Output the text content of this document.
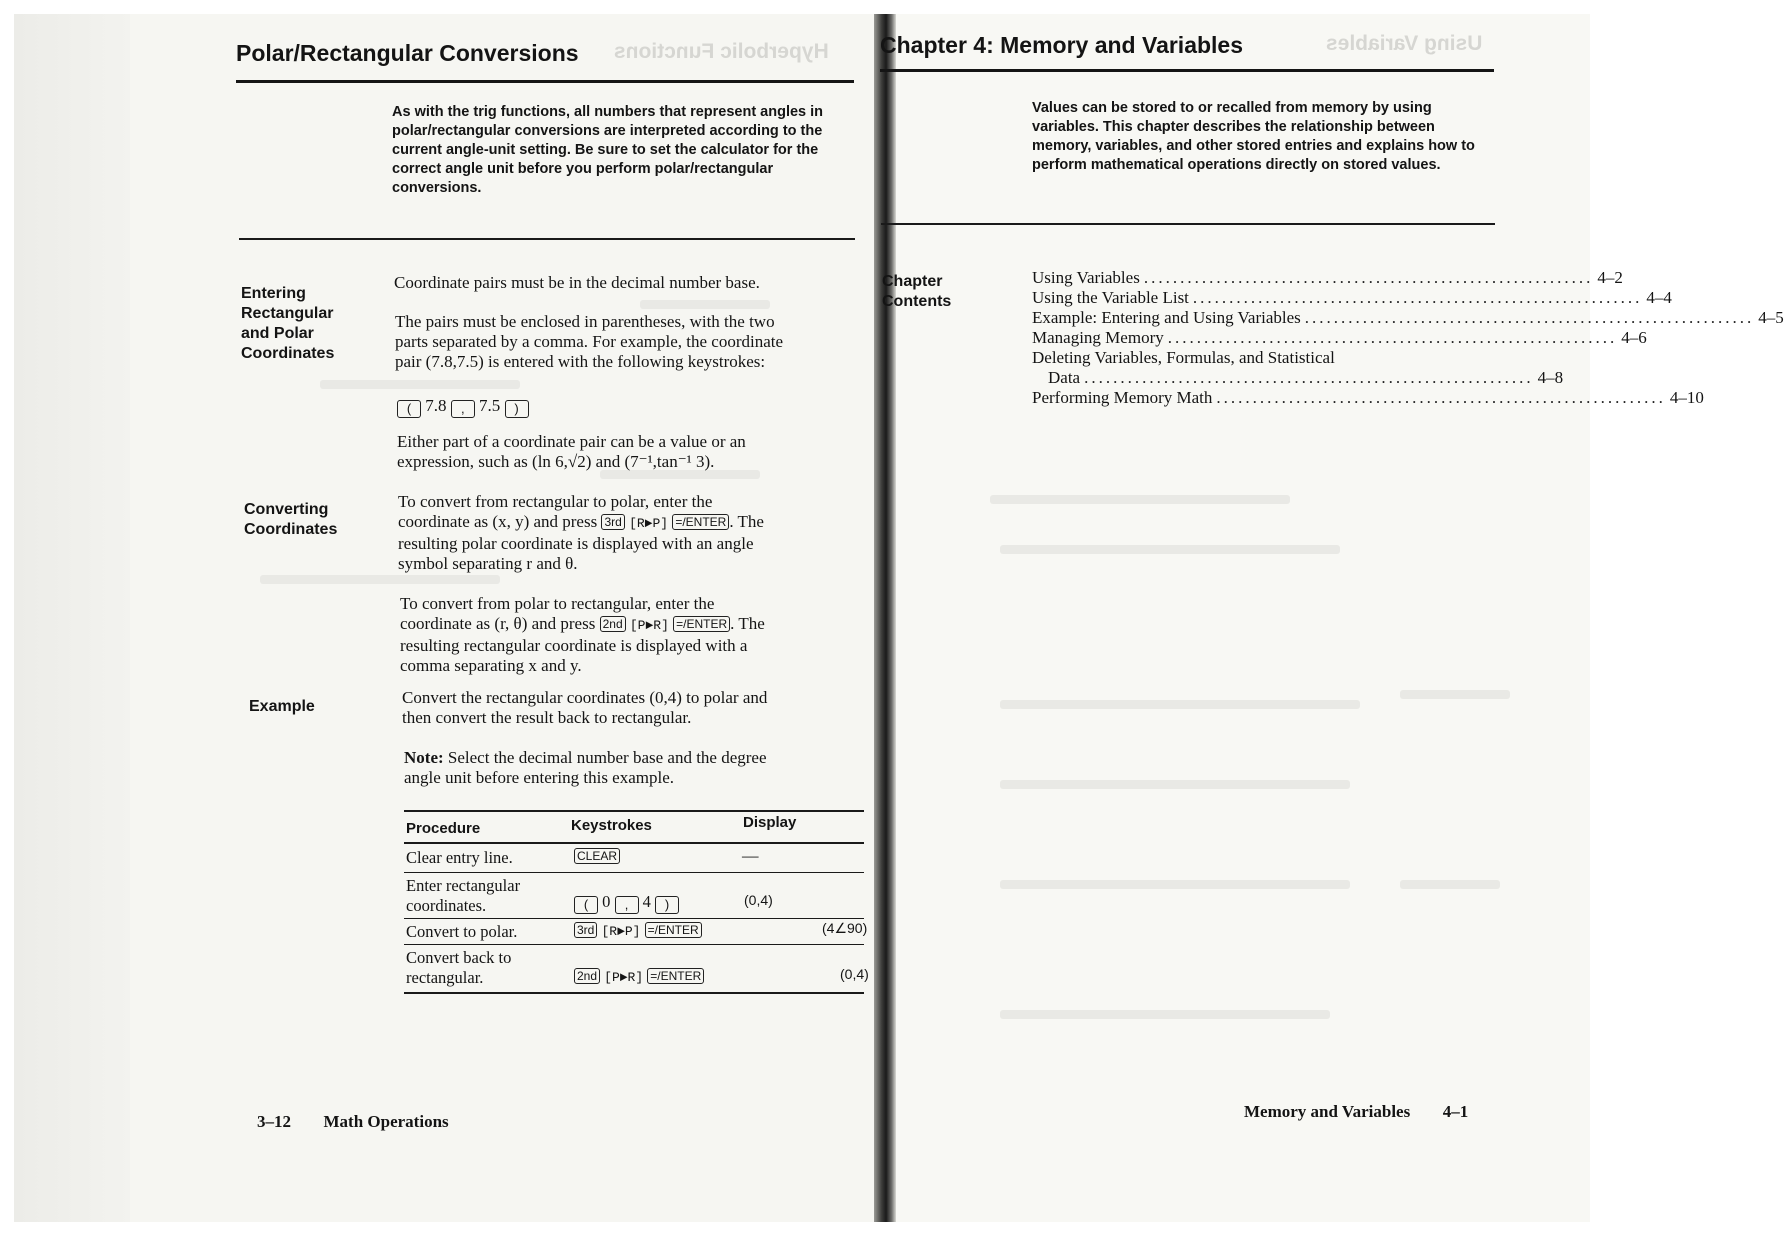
Polar/Rectangular Conversions Hyperbolic Functions
As with the trig functions, all numbers that represent angles in polar/rectangular conversions are interpreted according to the current angle-unit setting. Be sure to set the calculator for the correct angle unit before you perform polar/rectangular conversions.
Entering
Rectangular
and Polar
Coordinates
Coordinate pairs must be in the decimal number base.
The pairs must be enclosed in parentheses, with the two
parts separated by a comma. For example, the coordinate
pair (7.8,7.5) is entered with the following keystrokes:
( 7.8 , 7.5 )
Either part of a coordinate pair can be a value or an
expression, such as (ln 6,√2) and (7⁻¹,tan⁻¹ 3).
Converting
Coordinates
To convert from rectangular to polar, enter the
coordinate as (x, y) and press 3rd [R►P] =/ENTER . The
resulting polar coordinate is displayed with an angle
symbol separating r and θ.
To convert from polar to rectangular, enter the
coordinate as (r, θ) and press 2nd [P►R] =/ENTER . The
resulting rectangular coordinate is displayed with a
comma separating x and y.
Example	Convert the rectangular coordinates (0,4) to polar and
then convert the result back to rectangular.
Note: Select the decimal number base and the degree
angle unit before entering this example.
Procedure	Keystrokes	Display
Clear entry line.	CLEAR	—
Enter rectangular
coordinates.	( 0 , 4 )	(0,4)
Convert to polar.	3rd [R►P] =/ENTER	(4∠90)
Convert back to
rectangular.	2nd [P►R] =/ENTER	(0,4)
3–12 Math Operations
Chapter 4: Memory and Variables	Using Variables
Values can be stored to or recalled from memory by using variables. This chapter describes the relationship between memory, variables, and other stored entries and explains how to perform mathematical operations directly on stored values.
Chapter
Contents
Using Variables .............................................................. 4–2
Using the Variable List .............................................................. 4–4
Example: Entering and Using Variables .............................................................. 4–5
Managing Memory .............................................................. 4–6
Deleting Variables, Formulas, and Statistical
Data .............................................................. 4–8
Performing Memory Math .............................................................. 4–10
Memory and Variables 4–1
